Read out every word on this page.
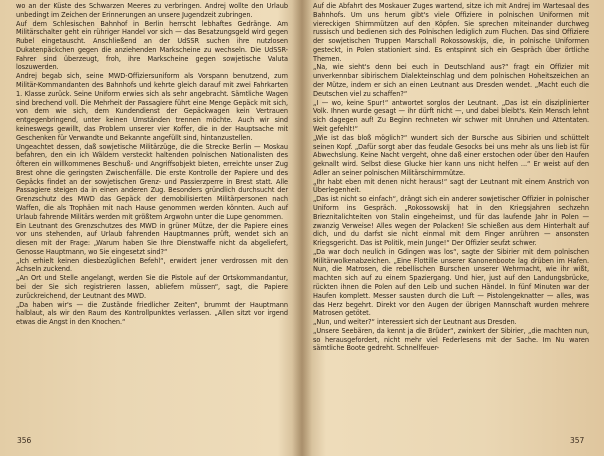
wo an der Küste des Schwarzen Meeres zu verbringen. Andrej wollte den Urlaub unbedingt im Zeichen der Erinnerungen an unsere Jugendzeit zubringen.

Auf dem Schlesischen Bahnhof in Berlin herrscht lebhaftes Gedränge. Am Militärschalter geht ein rühriger Handel vor sich — das Besatzungsgeld wird gegen Rubel eingetauscht. Anschließend an der UdSSR suchen ihre nutzlosen Dukatenpäckchen gegen die anziehenden Markscheine zu wechseln. Die UdSSR-Fahrer sind überzeugt, froh, ihre Markscheine gegen sowjetische Valuta loszuwerden.

Andrej begab sich, seine MWD-Offiziersuniform als Vorspann benutzend, zum Militär-Kommandanten des Bahnhofs und kehrte gleich darauf mit zwei Fahrkarten 1. Klasse zurück. Seine Uniform erwies sich als sehr angebracht. Sämtliche Wagen sind brechend voll. Die Mehrheit der Passagiere führt eine Menge Gepäck mit sich, von dem wie sich, dem Kundendienst der Gepäckwagen kein Vertrauen entgegenbringend, unter keinen Umständen trennen möchte. Auch wir sind keineswegs gewillt, das Problem unserer vier Koffer, die in der Hauptsache mit Geschenken für Verwandte und Bekannte angefüllt sind, hintanzustellen.

Ungeachtet dessen, daß sowjetische Militärzüge, die die Strecke Berlin — Moskau befahren, den ein ich Wäldern versteckt haltenden polnischen Nationalisten des öfteren ein willkommenes Beschuß- und Angriffsobjekt bieten, erreichte unser Zug Brest ohne die geringsten Zwischenfälle. Die erste Kontrolle der Papiere und des Gepäcks findet an der sowjetischen Grenz- und Passierzperre in Brest statt. Alle Passagiere steigen da in einen anderen Zug. Besonders gründlich durchsucht der Grenzschutz des MWD das Gepäck der demobilisierten Militärpersonen nach Waffen, die als Trophäen mit nach Hause genommen werden könnten. Auch auf Urlaub fahrende Militärs werden mit größtem Argwohn unter die Lupe genommen.

Ein Leutnant des Grenzschutzes des MWD in grüner Mütze, der die Papiere eines vor uns stehenden, auf Urlaub fahrenden Hauptmannes prüft, wendet sich an diesen mit der Frage: „Warum haben Sie Ihre Dienstwaffe nicht da abgeliefert, Genosse Hauptmann, wo Sie eingesetzt sind?“

„Ich erhielt keinen diesbezüglichen Befehl“, erwidert jener verdrossen mit den Achseln zuckend.

„An Ort und Stelle angelangt, werden Sie die Pistole auf der Ortskommandantur, bei der Sie sich registrieren lassen, abliefern müssen“, sagt, die Papiere zurückreichend, der Leutnant des MWD.

„Da haben wir's — die Zustände friedlicher Zeiten“, brummt der Hauptmann halblaut, als wir den Raum des Kontrollpunktes verlassen. „Allen sitzt vor irgend etwas die Angst in den Knochen.“

356

Auf die Abfahrt des Moskauer Zuges wartend, sitze ich mit Andrej im Wartesaal des Bahnhofs. Um uns herum gibt's viele Offiziere in polnischen Uniformen mit viereckigen Shirmmützen auf den Köpfen. Sie sprechen miteinander durchweg russisch und bedienen sich des Polnischen lediglich zum Fluchen. Das sind Offiziere der sowjetischen Truppen Marschall Rokossowskijs, die, in polnische Uniformen gesteckt, in Polen stationiert sind. Es entspinnt sich ein Gespräch über örtliche Themen.

„Na, wie sieht's denn bei euch in Deutschland aus?“ fragt ein Offizier mit unverkennbar sibirischem Dialekteinschlag und dem polnischen Hoheitszeichen an der Mütze, indem er sich an einen Leutnant aus Dresden wendet. „Macht euch die Deutschen viel zu schaffen?“

„I — wo, keine Spur!“ antwortet sorglos der Leutnant. „Das ist ein disziplinierter Volk. Ihnen wurde gesagt — ihr dürft nicht —, und dabei bleibt's. Kein Mensch lehnt sich dagegen auf! Zu Beginn rechneten wir schwer mit Unruhen und Attentaten. Weit gefehlt!“

„Wie ist das bloß möglich?“ wundert sich der Bursche aus Sibirien und schüttelt seinen Kopf. „Dafür sorgt aber das feudale Gesocks bei uns mehr als uns lieb ist für Abwechslung. Keine Nacht vergeht, ohne daß einer erstochen oder über den Haufen geknallt wird. Selbst diese Glucke hier kann uns nicht helfen ...“ Er weist auf den Adler an seiner polnischen Militärschirmmütze.

„Ihr habt eben mit denen nicht heraus!“ sagt der Leutnant mit einem Anstrich von Überlegenheit.

„Das ist nicht so einfach“, drängt sich ein anderer sowjetischer Offizier in polnischer Uniform ins Gespräch. „Rokossowskij hat in den Kriegsjahren sechzehn Brieznitalichteiten von Stalin eingeheimst, und für das laufende Jahr in Polen — zwanzig Verweise! Alles wegen der Polacken! Sie schießen aus dem Hinterhalt auf dich, und du darfst sie nicht einmal mit dem Finger anrühren — ansonsten Kriegsgericht. Das ist Politik, mein Junge!“ Der Offizier seufzt schwer.

„Da war doch neulich in Gdingen was los“, sagte der Sibirier mit dem polnischen Militärwolkenabzeichen. „Eine Flottille unserer Kanonenboote lag drüben im Hafen. Nun, die Matrosen, die rebellischen Burschen unserer Wehrmacht, wie ihr wißt, machten sich auf zu einem Spaziergang. Und hier, just auf den Landungsbrücke, rückten ihnen die Polen auf den Leib und suchen Händel. In fünf Minuten war der Haufen komplett. Messer sausten durch die Luft — Pistolengeknatter — alles, was das Herz begehrt. Direkt vor den Augen der übrigen Mannschaft wurden mehrere Matrosen getötet.

„Nun, und weiter?“ interessiert sich der Leutnant aus Dresden.

„Unsere Seebären, da kennt ja die Brüder“, zwinkert der Sibirier, „die machten nun, so herausgefordert, nicht mehr viel Federlesens mit der Sache. Im Nu waren sämtliche Boote gedreht. Schnellfeuer-

357
